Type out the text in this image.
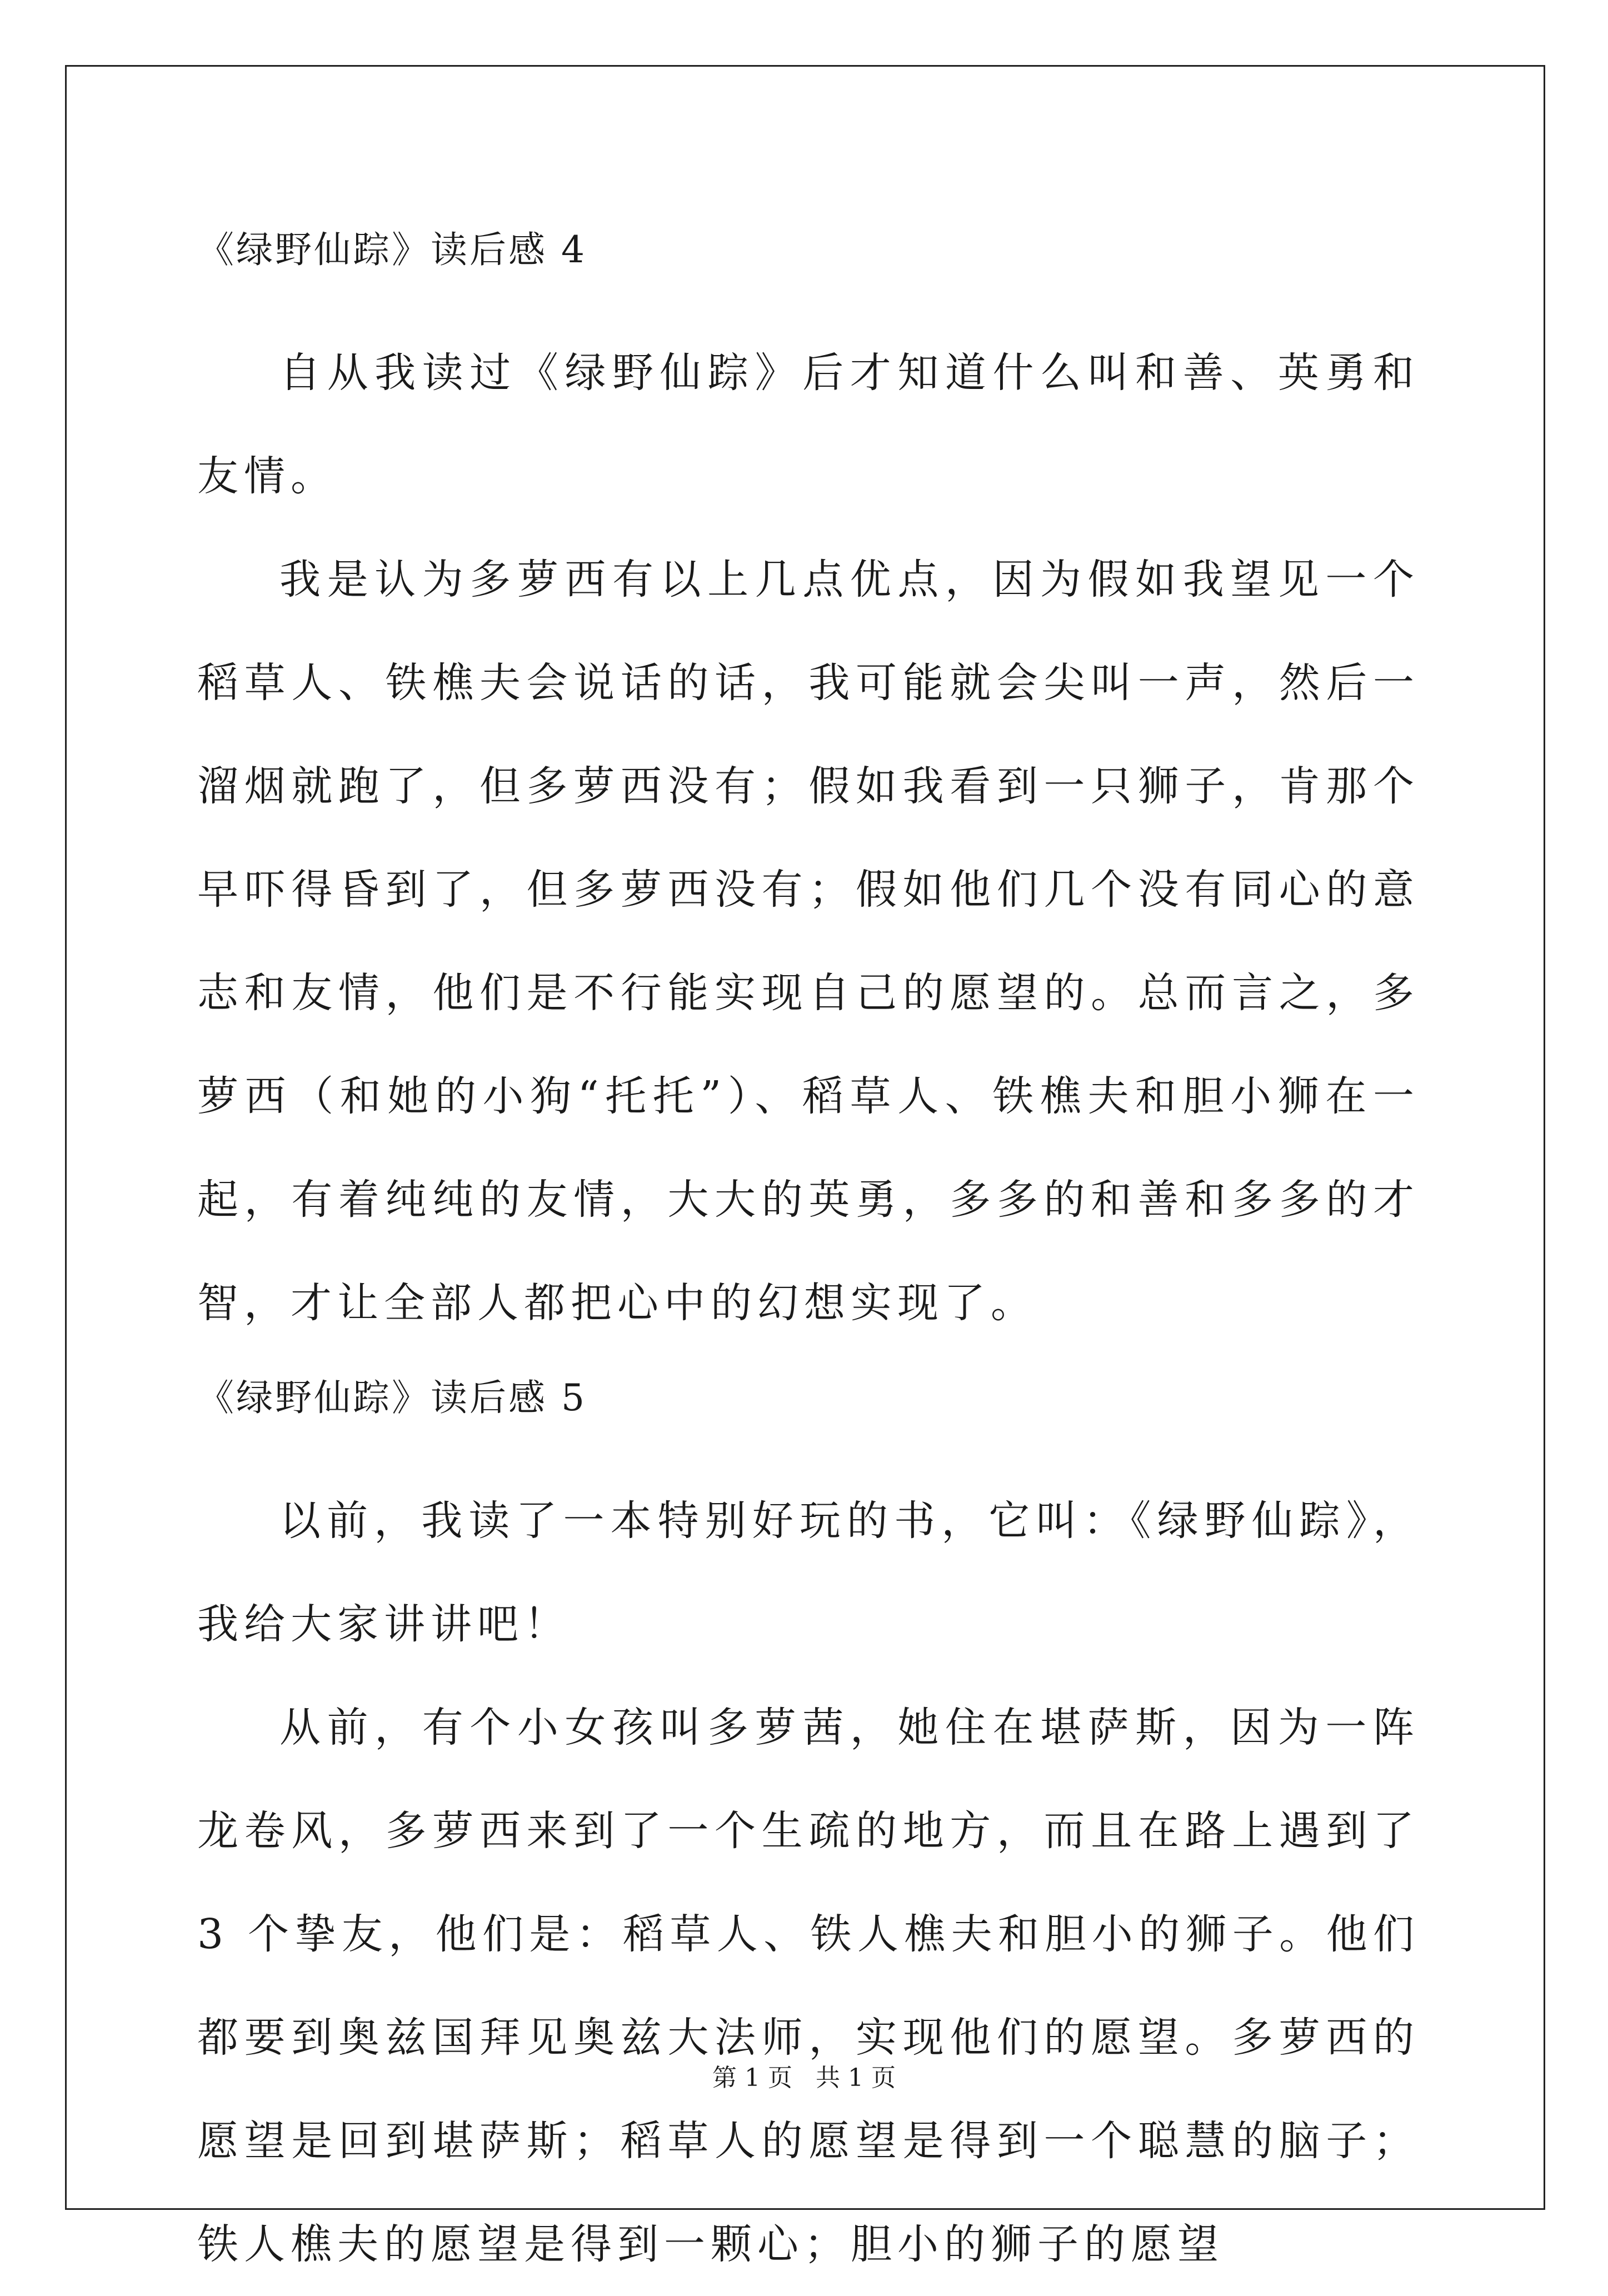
《绿野仙踪》读后感 4

自从我读过《绿野仙踪》后才知道什么叫和善、英勇和友情。

我是认为多萝西有以上几点优点，因为假如我望见一个稻草人、铁樵夫会说话的话，我可能就会尖叫一声，然后一溜烟就跑了，但多萝西没有；假如我看到一只狮子，肯那个早吓得昏到了，但多萝西没有；假如他们几个没有同心的意志和友情，他们是不行能实现自己的愿望的。总而言之，多萝西（和她的小狗“托托”）、稻草人、铁樵夫和胆小狮在一起，有着纯纯的友情，大大的英勇，多多的和善和多多的才智，才让全部人都把心中的幻想实现了。

《绿野仙踪》读后感 5

以前，我读了一本特别好玩的书，它叫：《绿野仙踪》，我给大家讲讲吧！

从前，有个小女孩叫多萝茜，她住在堪萨斯，因为一阵龙卷风，多萝西来到了一个生疏的地方，而且在路上遇到了 3 个挚友，他们是：稻草人、铁人樵夫和胆小的狮子。他们都要到奥兹国拜见奥兹大法师，实现他们的愿望。多萝西的愿望是回到堪萨斯；稻草人的愿望是得到一个聪慧的脑子；铁人樵夫的愿望是得到一颗心；胆小的狮子的愿望

第 1 页   共 1 页
